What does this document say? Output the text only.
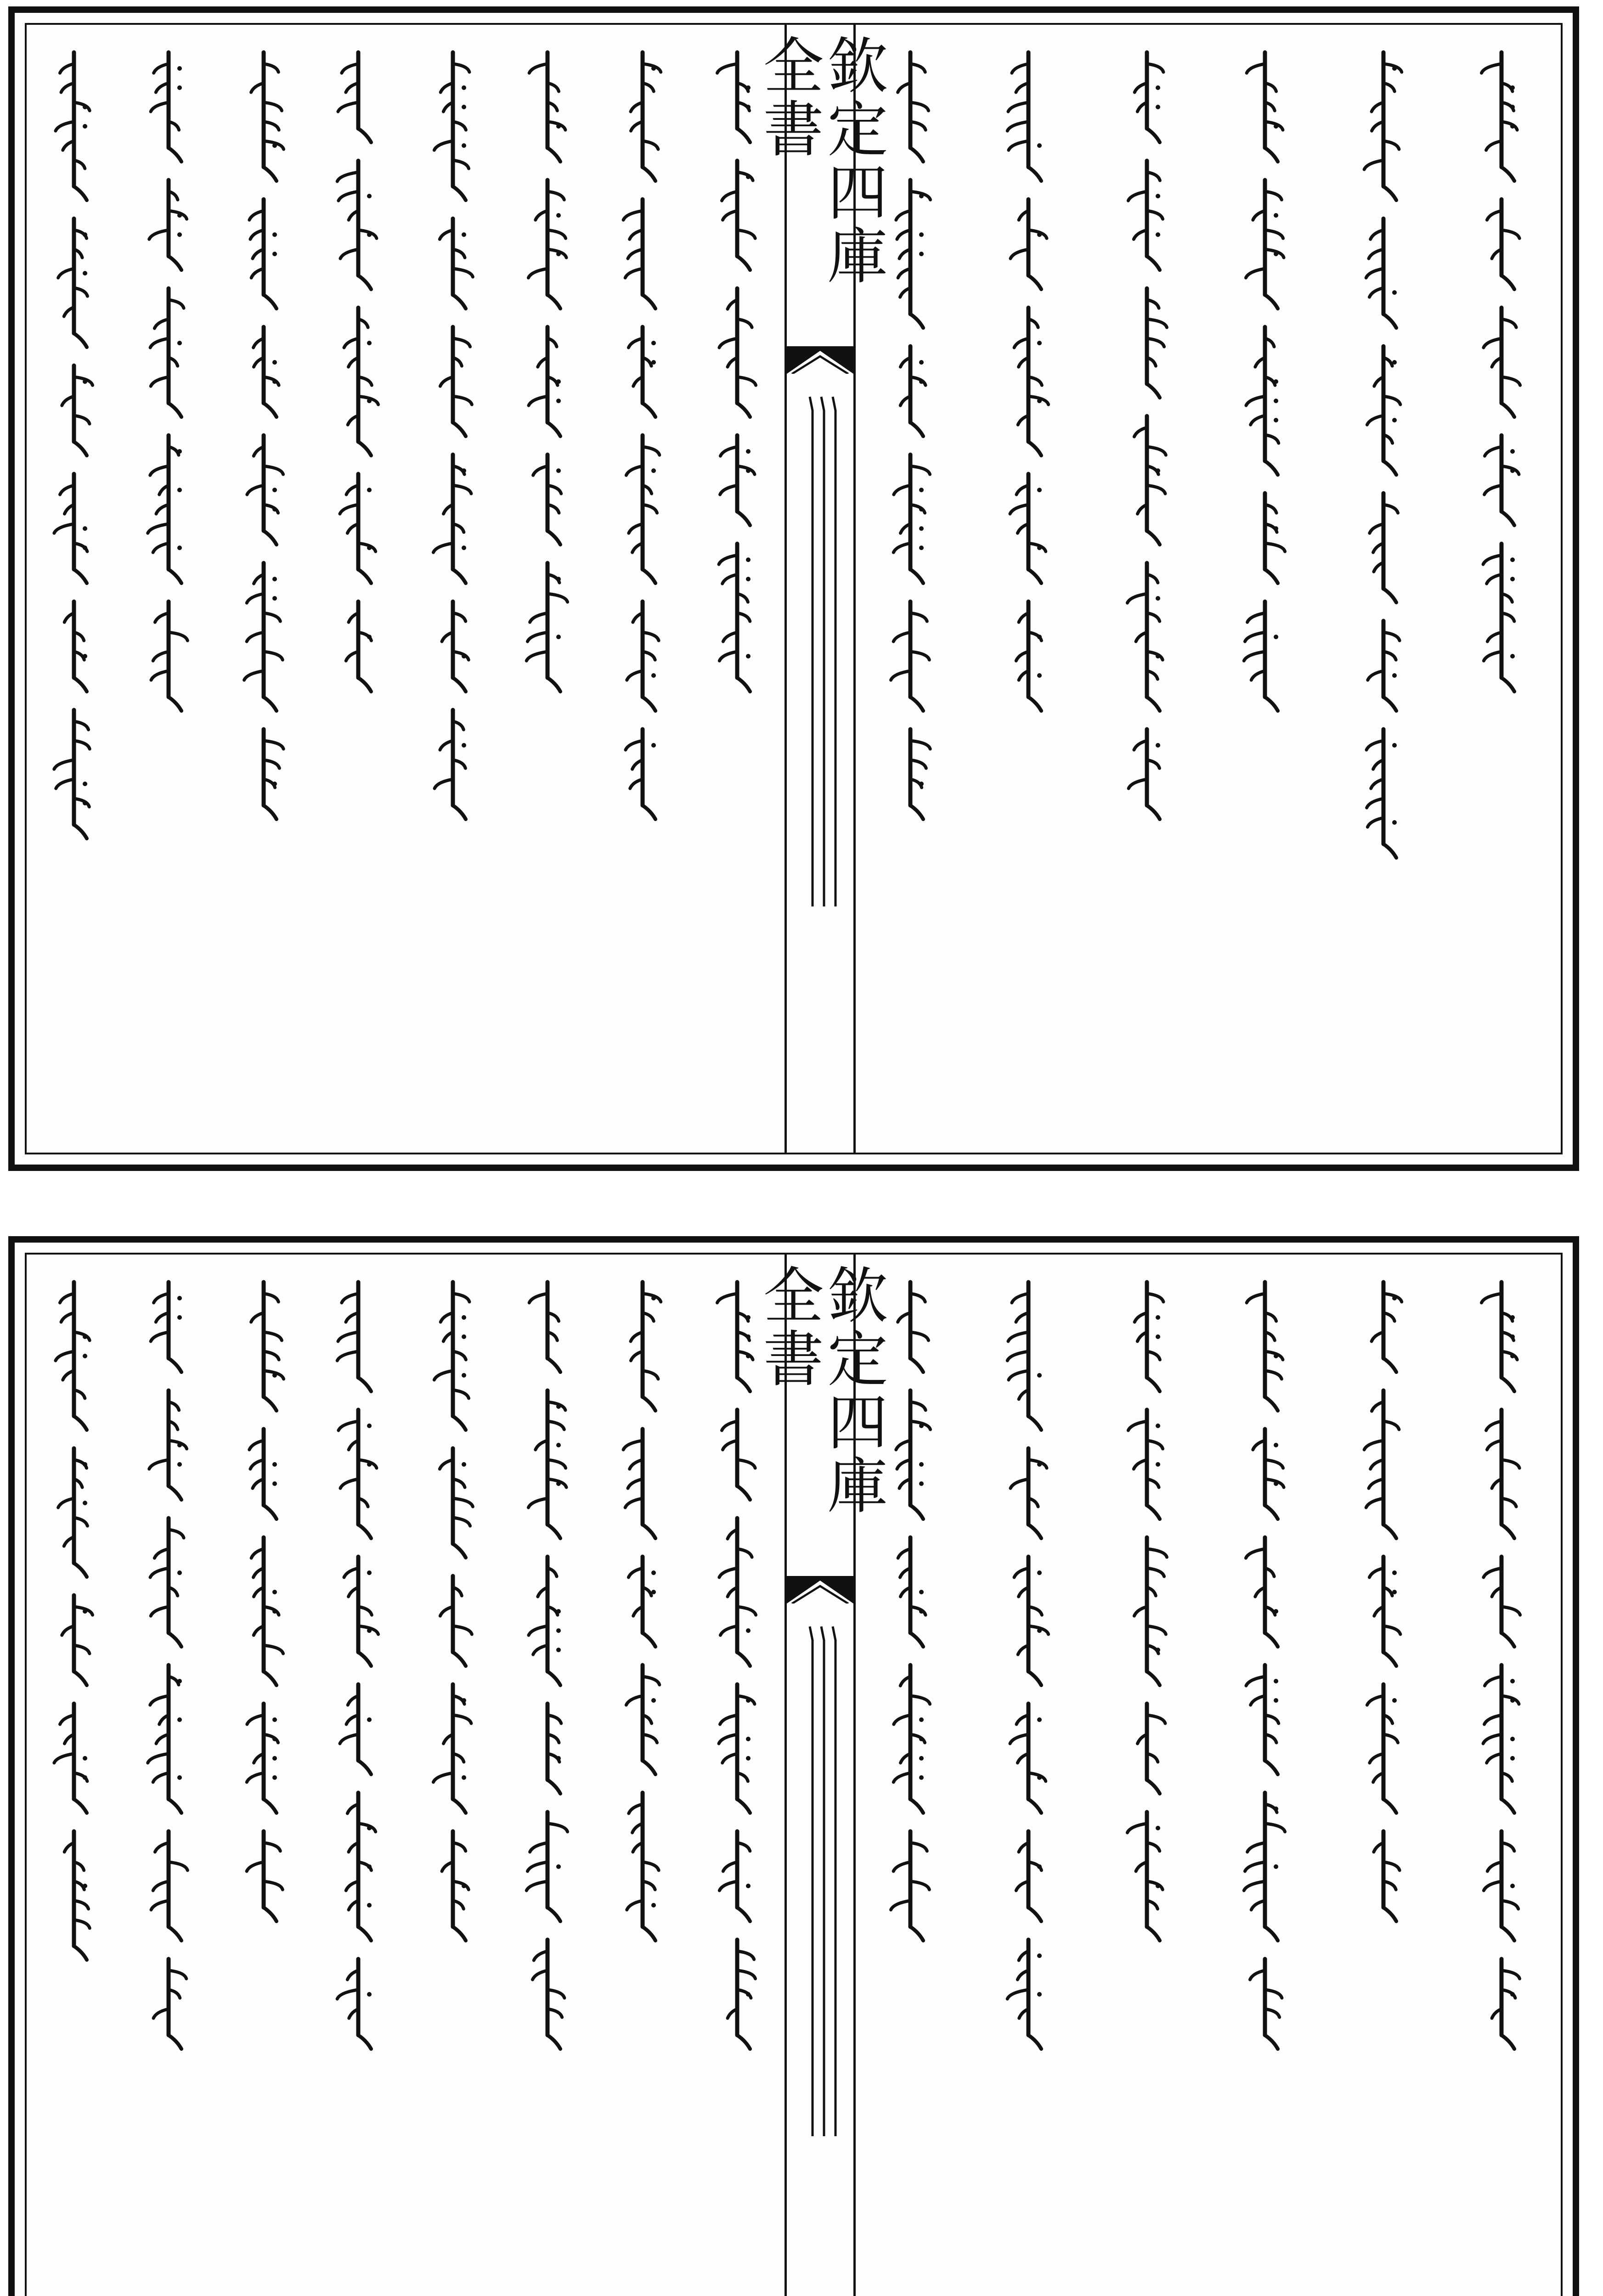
欽定四庫全書
欽定四庫全書
